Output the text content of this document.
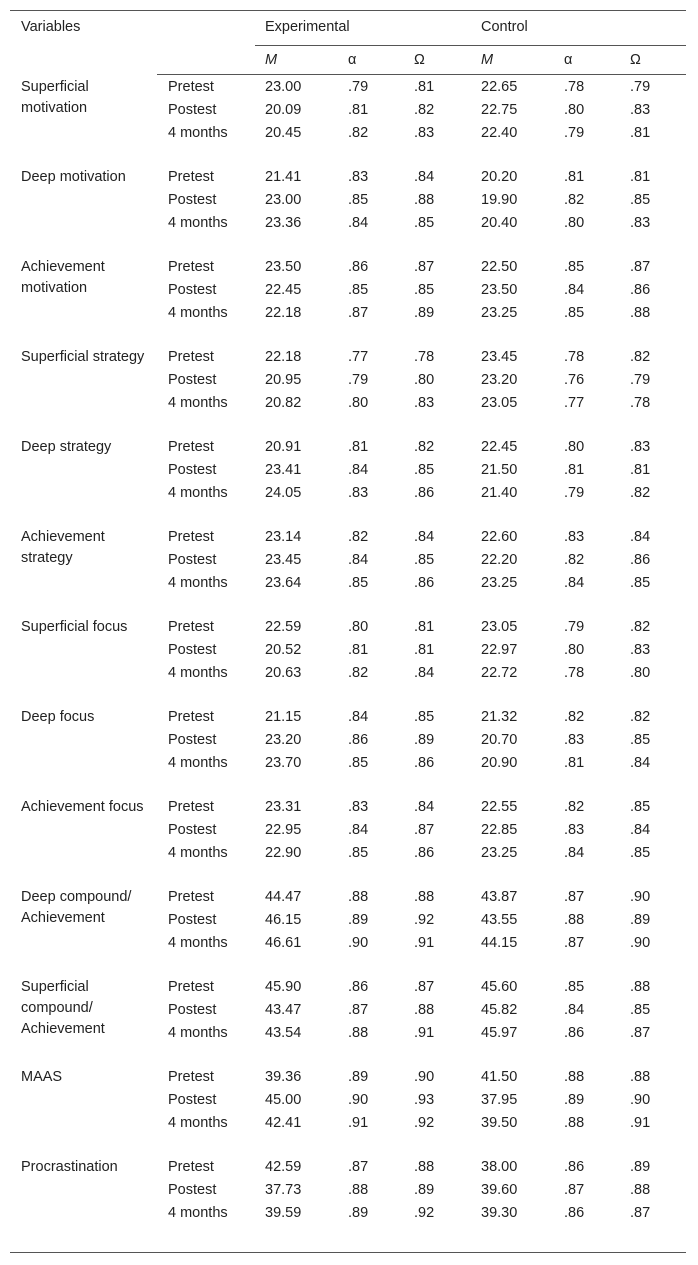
Variables	Experimental	Control
M	α	Ω	M	α	Ω
Superficial motivation
Pretest	23.00	.79	.81	22.65	.78	.79
Postest	20.09	.81	.82	22.75	.80	.83
4 months	20.45	.82	.83	22.40	.79	.81
Deep motivation	Pretest	21.41	.83	.84	20.20	.81	.81
Postest	23.00	.85	.88	19.90	.82	.85
4 months	23.36	.84	.85	20.40	.80	.83
Achievement motivation
Pretest	23.50	.86	.87	22.50	.85	.87
Postest	22.45	.85	.85	23.50	.84	.86
4 months	22.18	.87	.89	23.25	.85	.88
Superficial strategy	Pretest	22.18	.77	.78	23.45	.78	.82
Postest	20.95	.79	.80	23.20	.76	.79
4 months	20.82	.80	.83	23.05	.77	.78
Deep strategy	Pretest	20.91	.81	.82	22.45	.80	.83
Postest	23.41	.84	.85	21.50	.81	.81
4 months	24.05	.83	.86	21.40	.79	.82
Achievement strategy
Pretest	23.14	.82	.84	22.60	.83	.84
Postest	23.45	.84	.85	22.20	.82	.86
4 months	23.64	.85	.86	23.25	.84	.85
Superficial focus	Pretest	22.59	.80	.81	23.05	.79	.82
Postest	20.52	.81	.81	22.97	.80	.83
4 months	20.63	.82	.84	22.72	.78	.80
Deep focus	Pretest	21.15	.84	.85	21.32	.82	.82
Postest	23.20	.86	.89	20.70	.83	.85
4 months	23.70	.85	.86	20.90	.81	.84
Achievement focus	Pretest	23.31	.83	.84	22.55	.82	.85
Postest	22.95	.84	.87	22.85	.83	.84
4 months	22.90	.85	.86	23.25	.84	.85
Deep compound/ Achievement
Pretest	44.47	.88	.88	43.87	.87	.90
Postest	46.15	.89	.92	43.55	.88	.89
4 months	46.61	.90	.91	44.15	.87	.90
Superficial compound/ Achievement
Pretest	45.90	.86	.87	45.60	.85	.88
Postest	43.47	.87	.88	45.82	.84	.85
4 months	43.54	.88	.91	45.97	.86	.87
MAAS	Pretest	39.36	.89	.90	41.50	.88	.88
Postest	45.00	.90	.93	37.95	.89	.90
4 months	42.41	.91	.92	39.50	.88	.91
Procrastination	Pretest	42.59	.87	.88	38.00	.86	.89
Postest	37.73	.88	.89	39.60	.87	.88
4 months	39.59	.89	.92	39.30	.86	.87
